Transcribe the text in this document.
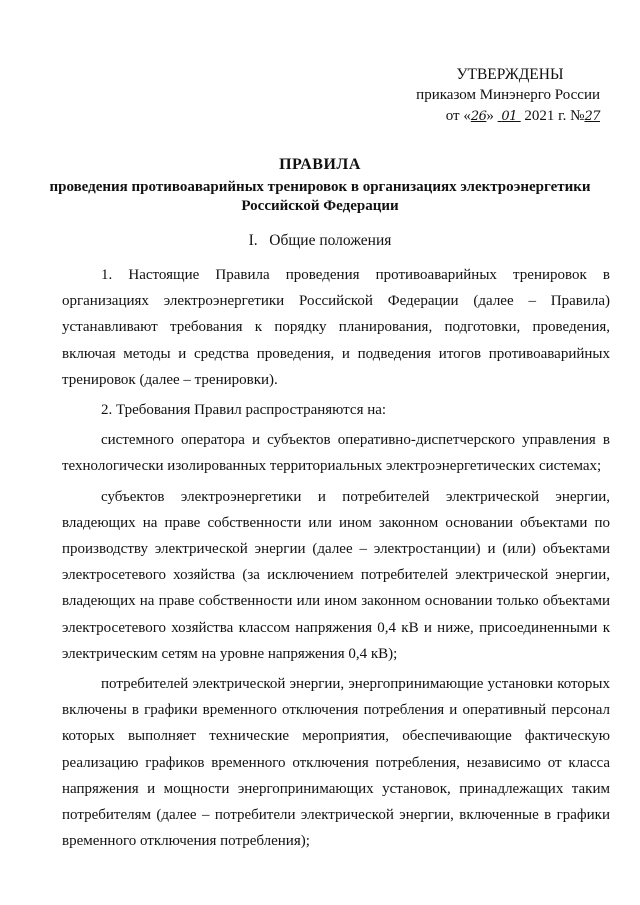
УТВЕРЖДЕНЫ
приказом Минэнерго России
от «26» 01 2021 г. №27
ПРАВИЛА
проведения противоаварийных тренировок в организациях электроэнергетики
Российской Федерации
I.   Общие положения

1. Настоящие Правила проведения противоаварийных тренировок в организациях электроэнергетики Российской Федерации (далее – Правила) устанавливают требования к порядку планирования, подготовки, проведения, включая методы и средства проведения, и подведения итогов противоаварийных тренировок (далее – тренировки).

2. Требования Правил распространяются на:

системного оператора и субъектов оперативно-диспетчерского управления в технологически изолированных территориальных электроэнергетических системах;

субъектов электроэнергетики и потребителей электрической энергии, владеющих на праве собственности или ином законном основании объектами по производству электрической энергии (далее – электростанции) и (или) объектами электросетевого хозяйства (за исключением потребителей электрической энергии, владеющих на праве собственности или ином законном основании только объектами электросетевого хозяйства классом напряжения 0,4 кВ и ниже, присоединенными к электрическим сетям на уровне напряжения 0,4 кВ);

потребителей электрической энергии, энергопринимающие установки которых включены в графики временного отключения потребления и оперативный персонал которых выполняет технические мероприятия, обеспечивающие фактическую реализацию графиков временного отключения потребления, независимо от класса напряжения и мощности энергопринимающих установок, принадлежащих таким потребителям (далее – потребители электрической энергии, включенные в графики временного отключения потребления);
